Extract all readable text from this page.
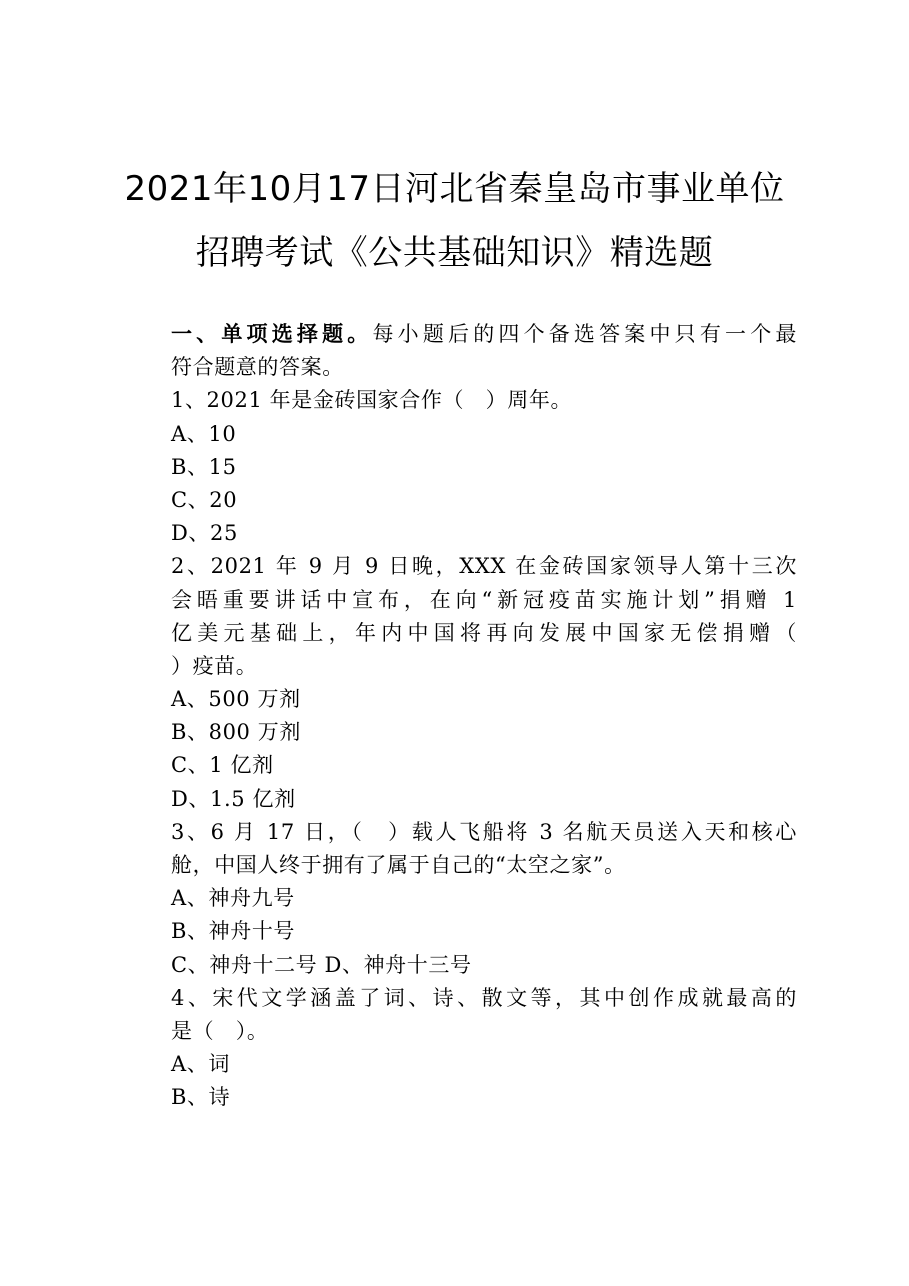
2021年10月17日河北省秦皇岛市事业单位
招聘考试《公共基础知识》精选题
一、单项选择题。每小题后的四个备选答案中只有一个最
符合题意的答案。
1、2021 年是金砖国家合作（　）周年。
A、10
B、15
C、20
D、25
2、2021 年 9 月 9 日晚，XXX 在金砖国家领导人第十三次
会晤重要讲话中宣布，在向“新冠疫苗实施计划”捐赠 1
亿美元基础上，年内中国将再向发展中国家无偿捐赠（
）疫苗。
A、500 万剂
B、800 万剂
C、1 亿剂
D、1.5 亿剂
3、6 月 17 日，（　）载人飞船将 3 名航天员送入天和核心
舱，中国人终于拥有了属于自己的“太空之家”。
A、神舟九号
B、神舟十号
C、神舟十二号 D、神舟十三号
4、宋代文学涵盖了词、诗、散文等，其中创作成就最高的
是（　）。
A、词
B、诗
